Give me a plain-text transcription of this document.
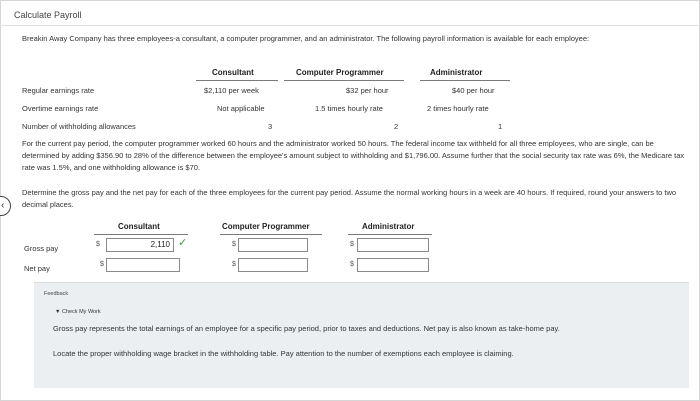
Calculate Payroll
Breakin Away Company has three employees-a consultant, a computer programmer, and an administrator. The following payroll information is available for each employee:
Consultant	Computer Programmer	Administrator
Regular earnings rate	$2,110 per week	$32 per hour	$40 per hour
Overtime earnings rate	Not applicable	1.5 times hourly rate	2 times hourly rate
Number of withholding allowances	3	2	1
For the current pay period, the computer programmer worked 60 hours and the administrator worked 50 hours. The federal income tax withheld for all three employees, who are single, can be determined by adding $356.90 to 28% of the difference between the employee's amount subject to withholding and $1,796.00. Assume further that the social security tax rate was 6%, the Medicare tax rate was 1.5%, and one withholding allowance is $70.
Determine the gross pay and the net pay for each of the three employees for the current pay period. Assume the normal working hours in a week are 40 hours. If required, round your answers to two decimal places.
‹
Consultant	Computer Programmer	Administrator
Gross pay	$	2,110 ✓	$	$
Net pay	$	$	$
Feedback
▼ Check My Work
Gross pay represents the total earnings of an employee for a specific pay period, prior to taxes and deductions. Net pay is also known as take-home pay.
Locate the proper withholding wage bracket in the withholding table. Pay attention to the number of exemptions each employee is claiming.
